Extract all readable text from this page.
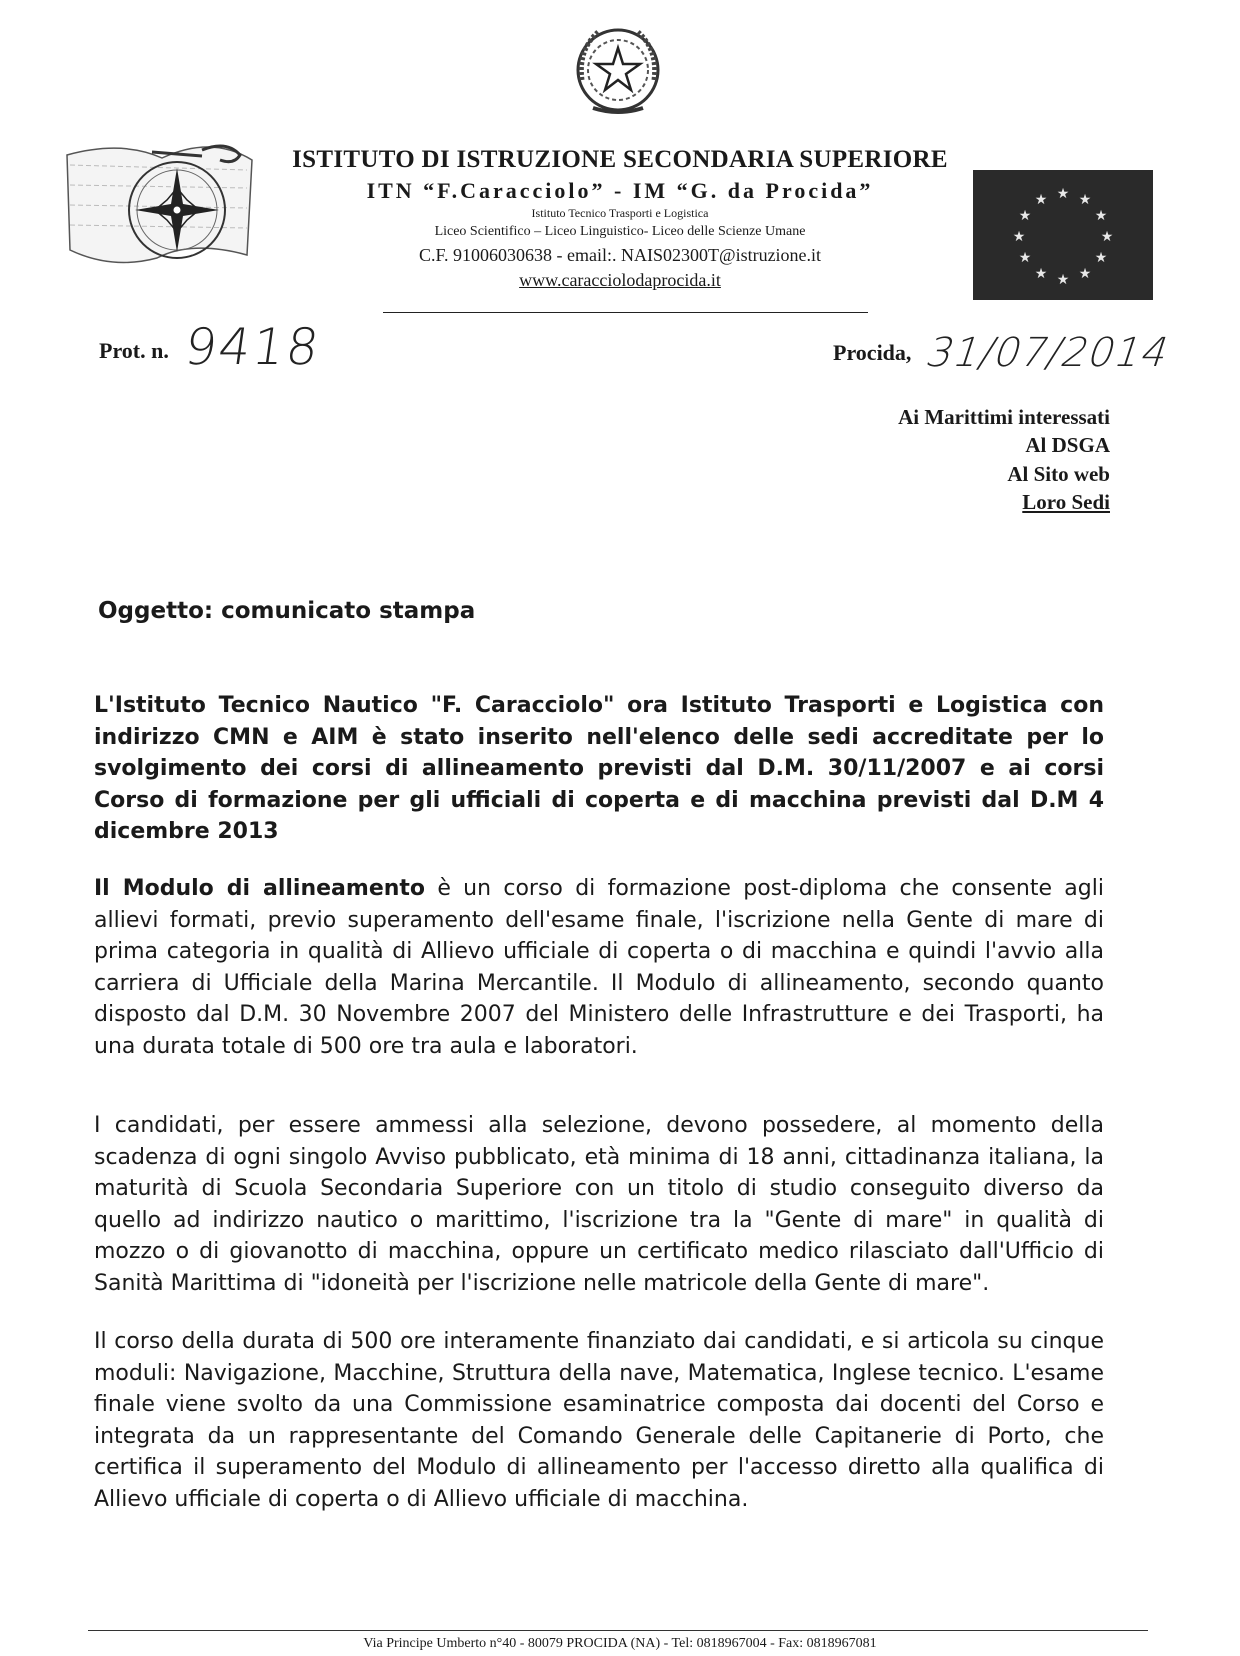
★ ★
★
★
★
★
★
★
★
★
★
★
ISTITUTO DI ISTRUZIONE SECONDARIA SUPERIORE
ITN “F.Caracciolo” - IM “G. da Procida”
Istituto Tecnico Trasporti e Logistica
Liceo Scientifico – Liceo Linguistico- Liceo delle Scienze Umane
C.F. 91006030638 - email:. NAIS02300T@istruzione.it
www.caracciolodaprocida.it
Prot. n. 9418	Procida, 31/07/2014
Ai Marittimi interessati
Al DSGA
Al Sito web
Loro Sedi
Oggetto: comunicato stampa
L'Istituto Tecnico Nautico "F. Caracciolo" ora Istituto Trasporti e Logistica con indirizzo CMN e AIM è stato inserito nell'elenco delle sedi accreditate per lo svolgimento dei corsi di allineamento previsti dal D.M. 30/11/2007 e ai corsi Corso di formazione per gli ufficiali di coperta e di macchina previsti dal D.M 4 dicembre 2013
Il Modulo di allineamento è un corso di formazione post-diploma che consente agli allievi formati, previo superamento dell'esame finale, l'iscrizione nella Gente di mare di prima categoria in qualità di Allievo ufficiale di coperta o di macchina e quindi l'avvio alla carriera di Ufficiale della Marina Mercantile. Il Modulo di allineamento, secondo quanto disposto dal D.M. 30 Novembre 2007 del Ministero delle Infrastrutture e dei Trasporti, ha una durata totale di 500 ore tra aula e laboratori.
I candidati, per essere ammessi alla selezione, devono possedere, al momento della scadenza di ogni singolo Avviso pubblicato, età minima di 18 anni, cittadinanza italiana, la maturità di Scuola Secondaria Superiore con un titolo di studio conseguito diverso da quello ad indirizzo nautico o marittimo, l'iscrizione tra la "Gente di mare" in qualità di mozzo o di giovanotto di macchina, oppure un certificato medico rilasciato dall'Ufficio di Sanità Marittima di "idoneità per l'iscrizione nelle matricole della Gente di mare".
Il corso della durata di 500 ore interamente finanziato dai candidati, e si articola su cinque moduli: Navigazione, Macchine, Struttura della nave, Matematica, Inglese tecnico. L'esame finale viene svolto da una Commissione esaminatrice composta dai docenti del Corso e integrata da un rappresentante del Comando Generale delle Capitanerie di Porto, che certifica il superamento del Modulo di allineamento per l'accesso diretto alla qualifica di Allievo ufficiale di coperta o di Allievo ufficiale di macchina.
Via Principe Umberto n°40 - 80079 PROCIDA (NA) - Tel: 0818967004 - Fax: 0818967081
